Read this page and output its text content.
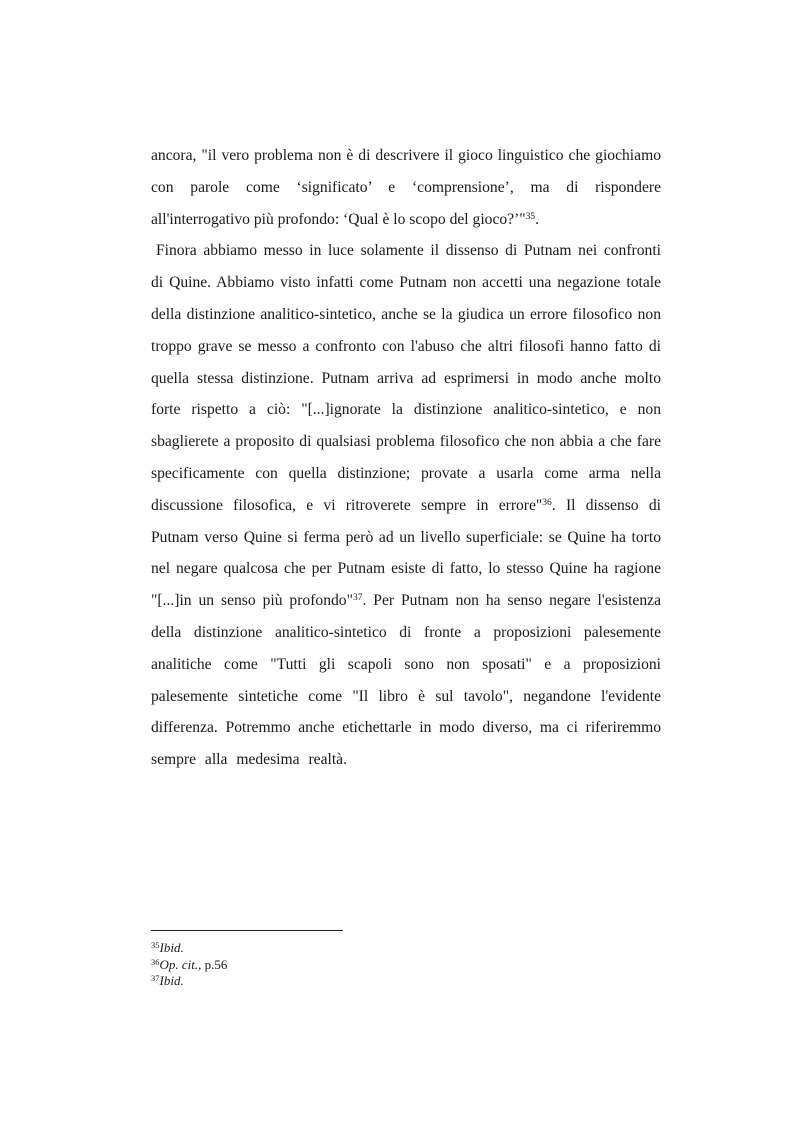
ancora, "il vero problema non è di descrivere il gioco linguistico che giochiamo
con parole come ‘significato’ e ‘comprensione’, ma di rispondere
all'interrogativo più profondo: ‘Qual è lo scopo del gioco?’"$^{35}$.
Finora abbiamo messo in luce solamente il dissenso di Putnam nei confronti
di Quine. Abbiamo visto infatti come Putnam non accetti una negazione totale
della distinzione analitico-sintetico, anche se la giudica un errore filosofico non
troppo grave se messo a confronto con l'abuso che altri filosofi hanno fatto di
quella stessa distinzione. Putnam arriva ad esprimersi in modo anche molto
forte rispetto a ciò: "[...]ignorate la distinzione analitico-sintetico, e non
sbaglierete a proposito di qualsiasi problema filosofico che non abbia a che fare
specificamente con quella distinzione; provate a usarla come arma nella
discussione filosofica, e vi ritroverete sempre in errore"$^{36}$. Il dissenso di
Putnam verso Quine si ferma però ad un livello superficiale: se Quine ha torto
nel negare qualcosa che per Putnam esiste di fatto, lo stesso Quine ha ragione
"[...]in un senso più profondo"$^{37}$. Per Putnam non ha senso negare l'esistenza
della distinzione analitico-sintetico di fronte a proposizioni palesemente
analitiche come "Tutti gli scapoli sono non sposati" e a proposizioni
palesemente sintetiche come "Il libro è sul tavolo", negandone l'evidente
differenza. Potremmo anche etichettarle in modo diverso, ma ci riferiremmo
sempre alla medesima realtà.
$^{35}$Ibid.
$^{36}$Op. cit., p.56
$^{37}$Ibid.
